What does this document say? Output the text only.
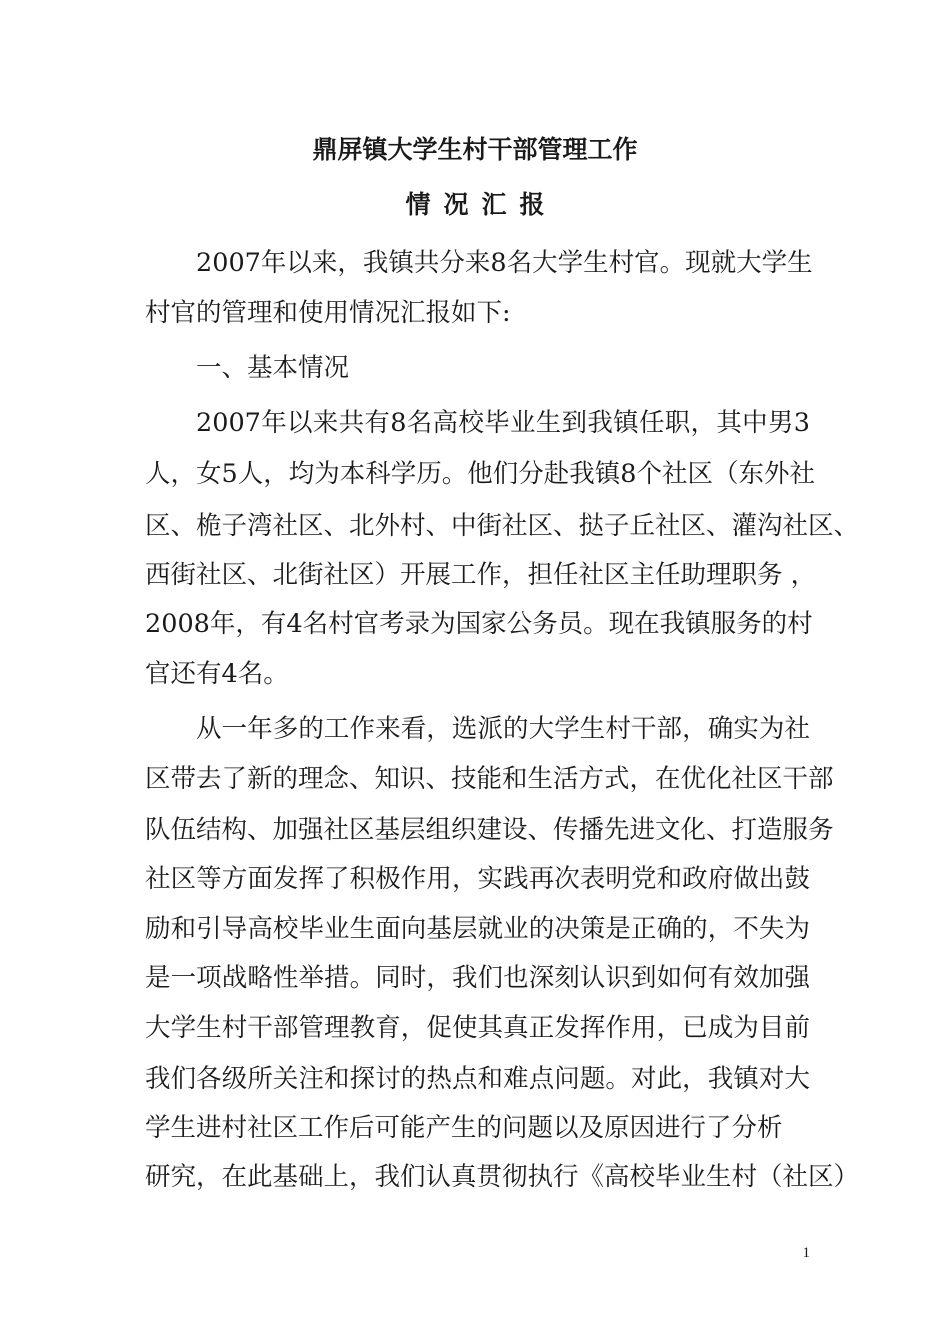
鼎屏镇大学生村干部管理工作
情况汇报
2007年以来，我镇共分来8名大学生村官。现就大学生
村官的管理和使用情况汇报如下:
一、基本情况
2007年以来共有8名高校毕业生到我镇任职，其中男3
人，女5人，均为本科学历。他们分赴我镇8个社区（东外社
区、桅子湾社区、北外村、中街社区、挞子丘社区、灌沟社区、
西街社区、北街社区）开展工作，担任社区主任助理职务 ，
2008年，有4名村官考录为国家公务员。现在我镇服务的村
官还有4名。
从一年多的工作来看，选派的大学生村干部，确实为社
区带去了新的理念、知识、技能和生活方式，在优化社区干部
队伍结构、加强社区基层组织建设、传播先进文化、打造服务
社区等方面发挥了积极作用，实践再次表明党和政府做出鼓
励和引导高校毕业生面向基层就业的决策是正确的，不失为
是一项战略性举措。同时，我们也深刻认识到如何有效加强
大学生村干部管理教育，促使其真正发挥作用，已成为目前
我们各级所关注和探讨的热点和难点问题。对此，我镇对大
学生进村社区工作后可能产生的问题以及原因进行了分析
研究，在此基础上，我们认真贯彻执行《高校毕业生村（社区）
1
